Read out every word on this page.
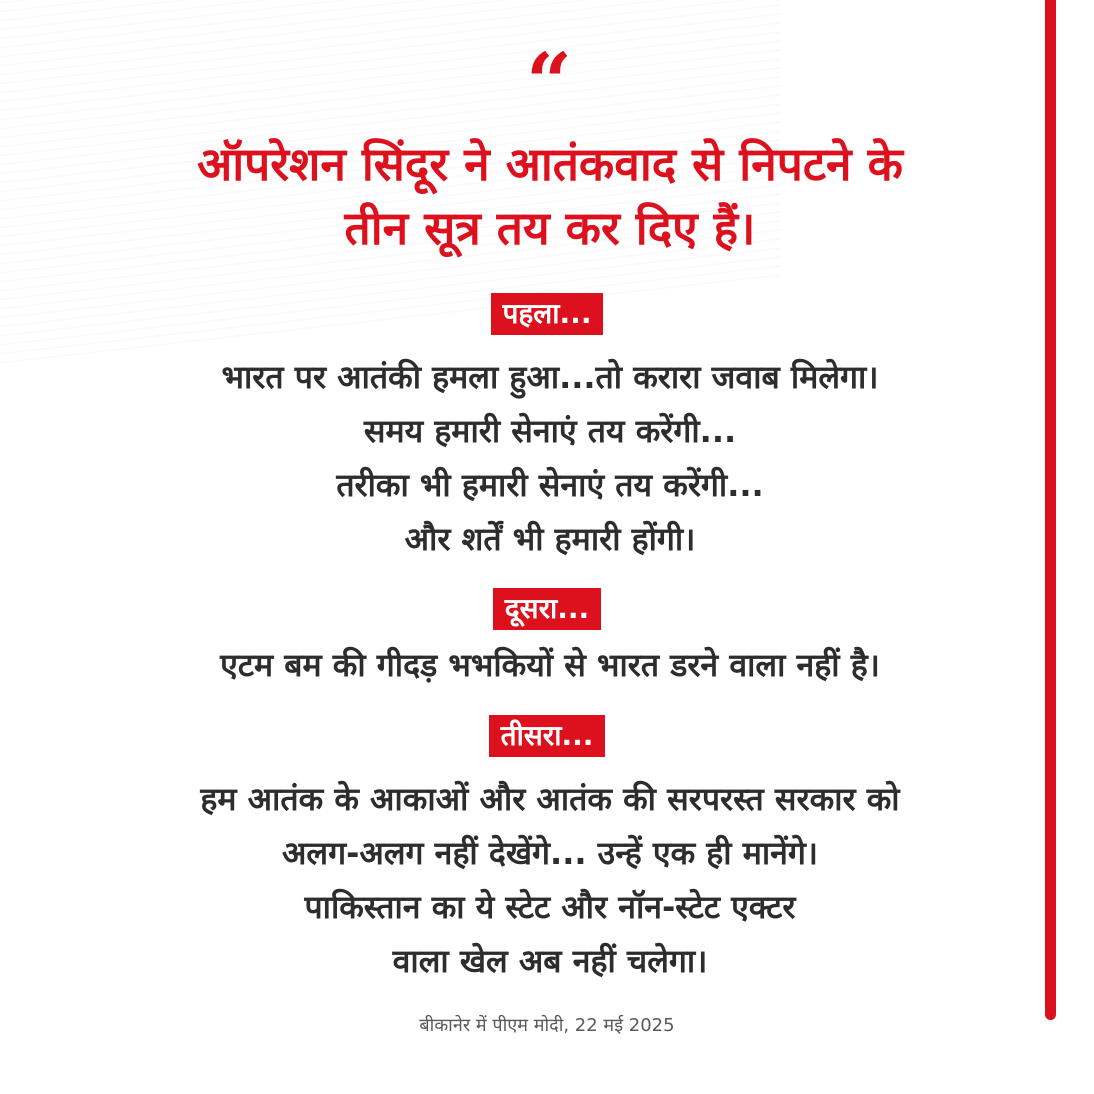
“
ऑपरेशन सिंदूर ने आतंकवाद से निपटने के
तीन सूत्र तय कर दिए हैं।
पहला...
भारत पर आतंकी हमला हुआ...तो करारा जवाब मिलेगा।
समय हमारी सेनाएं तय करेंगी...
तरीका भी हमारी सेनाएं तय करेंगी...
और शर्तें भी हमारी होंगी।
दूसरा...
एटम बम की गीदड़ भभकियों से भारत डरने वाला नहीं है।
तीसरा...
हम आतंक के आकाओं और आतंक की सरपरस्त सरकार को
अलग-अलग नहीं देखेंगे... उन्हें एक ही मानेंगे।
पाकिस्तान का ये स्टेट और नॉन-स्टेट एक्टर
वाला खेल अब नहीं चलेगा।
बीकानेर में पीएम मोदी, 22 मई 2025
